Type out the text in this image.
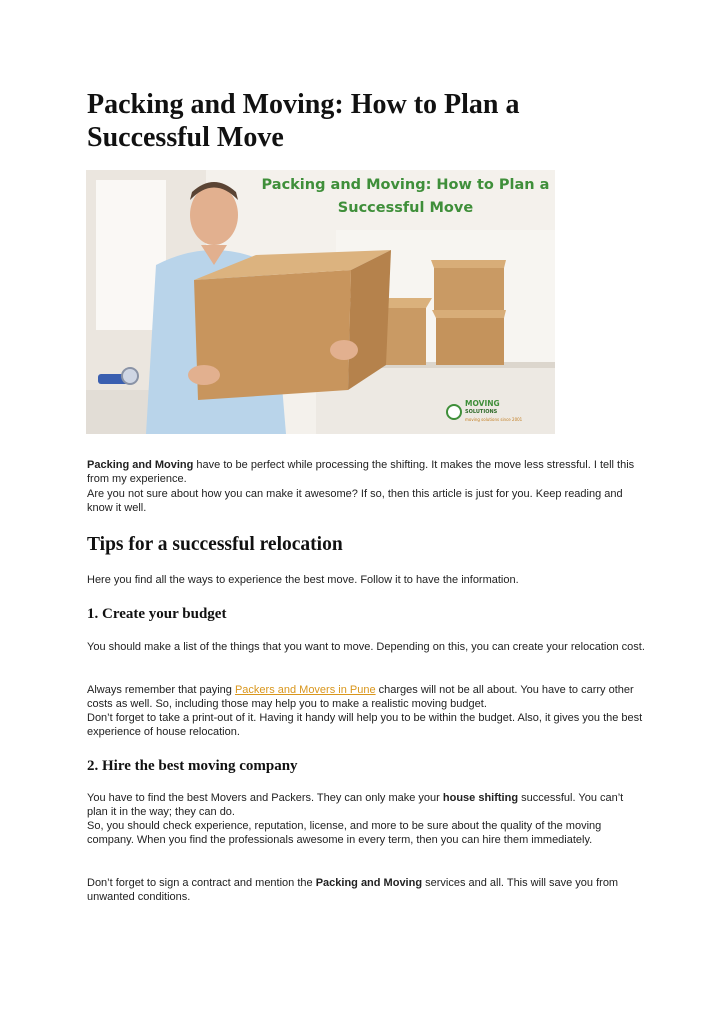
Packing and Moving: How to Plan a Successful Move
Packing and Moving: How to Plan a
Successful Move
MOVING
SOLUTIONS
moving solutions since 2001

Packing and Moving have to be perfect while processing the shifting. It makes the move less stressful. I tell this from my experience.

Are you not sure about how you can make it awesome? If so, then this article is just for you. Keep reading and know it well.

Tips for a successful relocation

Here you find all the ways to experience the best move. Follow it to have the information.

1. Create your budget

You should make a list of the things that you want to move. Depending on this, you can create your relocation cost.

Always remember that paying Packers and Movers in Pune charges will not be all about. You have to carry other costs as well. So, including those may help you to make a realistic moving budget.

Don’t forget to take a print-out of it. Having it handy will help you to be within the budget. Also, it gives you the best experience of house relocation.

2. Hire the best moving company

You have to find the best Movers and Packers. They can only make your house shifting successful. You can’t plan it in the way; they can do.

So, you should check experience, reputation, license, and more to be sure about the quality of the moving company. When you find the professionals awesome in every term, then you can hire them immediately.

Don’t forget to sign a contract and mention the Packing and Moving services and all. This will save you from unwanted conditions.
